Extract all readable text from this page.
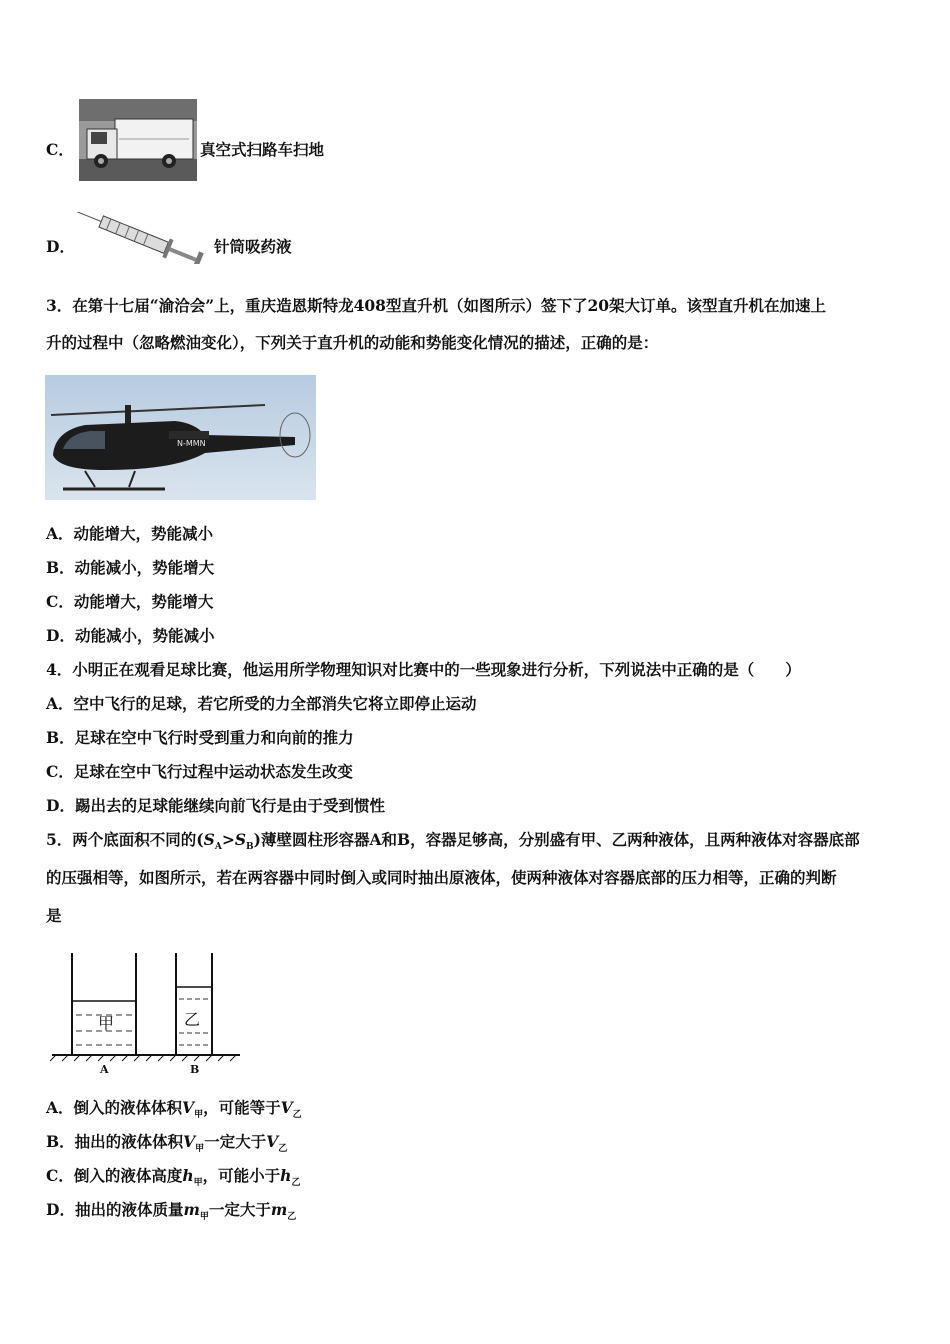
C．	真空式扫路车扫地
D．	针筒吸药液
3．在第十七届“渝洽会”上，重庆造恩斯特龙408型直升机（如图所示）签下了20架大订单。该型直升机在加速上
升的过程中（忽略燃油变化），下列关于直升机的动能和势能变化情况的描述，正确的是：
N-MMN
A．动能增大，势能减小
B．动能减小，势能增大
C．动能增大，势能增大
D．动能减小，势能减小
4．小明正在观看足球比赛，他运用所学物理知识对比赛中的一些现象进行分析，下列说法中正确的是（　　）
A．空中飞行的足球，若它所受的力全部消失它将立即停止运动
B．足球在空中飞行时受到重力和向前的推力
C．足球在空中飞行过程中运动状态发生改变
D．踢出去的足球能继续向前飞行是由于受到惯性
5．两个底面积不同的$(S_A>S_B)$薄壁圆柱形容器A和B，容器足够高，分别盛有甲、乙两种液体，且两种液体对容器底部
的压强相等，如图所示，若在两容器中同时倒入或同时抽出原液体，使两种液体对容器底部的压力相等，正确的判断
是
甲	乙
A	B
A．倒入的液体体积$V_甲$，可能等于$V_乙$
B．抽出的液体体积$V_甲$一定大于$V_乙$
C．倒入的液体高度$h_甲$，可能小于$h_乙$
D．抽出的液体质量$m_甲$一定大于$m_乙$
